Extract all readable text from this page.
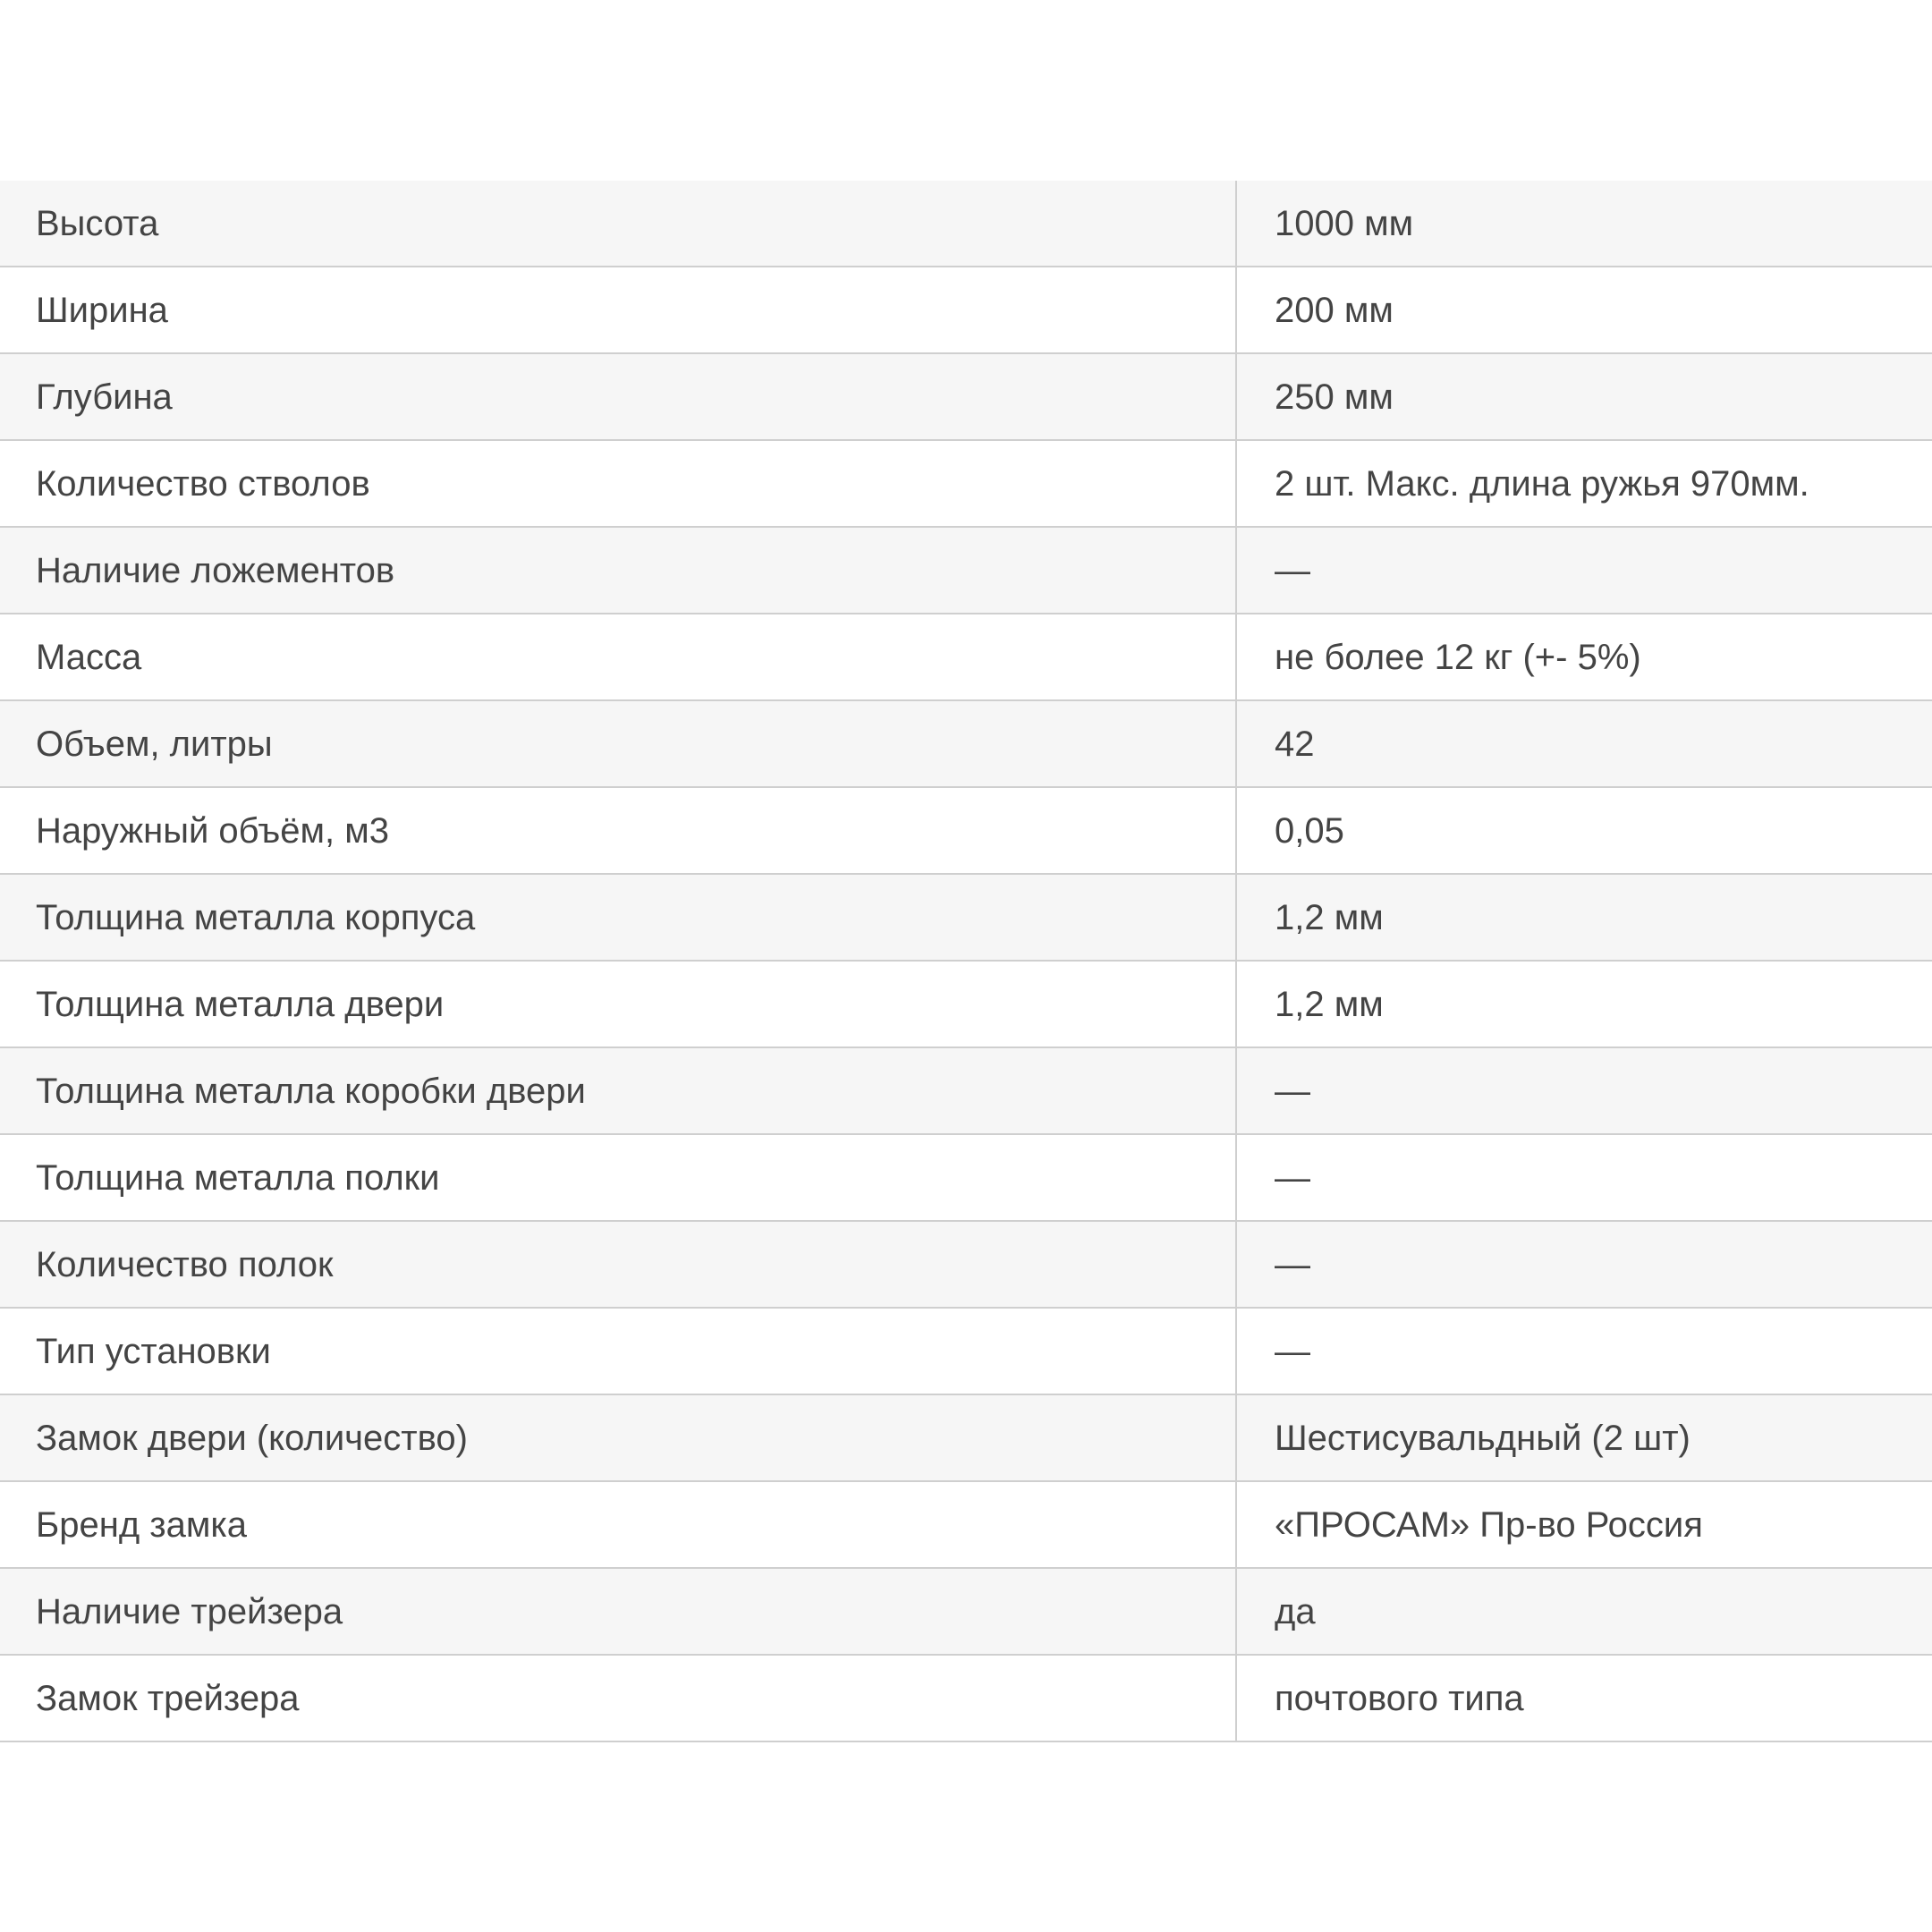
Высота	1000 мм
Ширина	200 мм
Глубина	250 мм
Количество стволов	2 шт. Макс. длина ружья 970мм.
Наличие ложементов	—
Масса	не более 12 кг (+- 5%)
Объем, литры	42
Наружный объём, м3	0,05
Толщина металла корпуса	1,2 мм
Толщина металла двери	1,2 мм
Толщина металла коробки двери	—
Толщина металла полки	—
Количество полок	—
Тип установки	—
Замок двери (количество)	Шестисувальдный (2 шт)
Бренд замка	«ПРОСАМ» Пр-во Россия
Наличие трейзера	да
Замок трейзера	почтового типа
